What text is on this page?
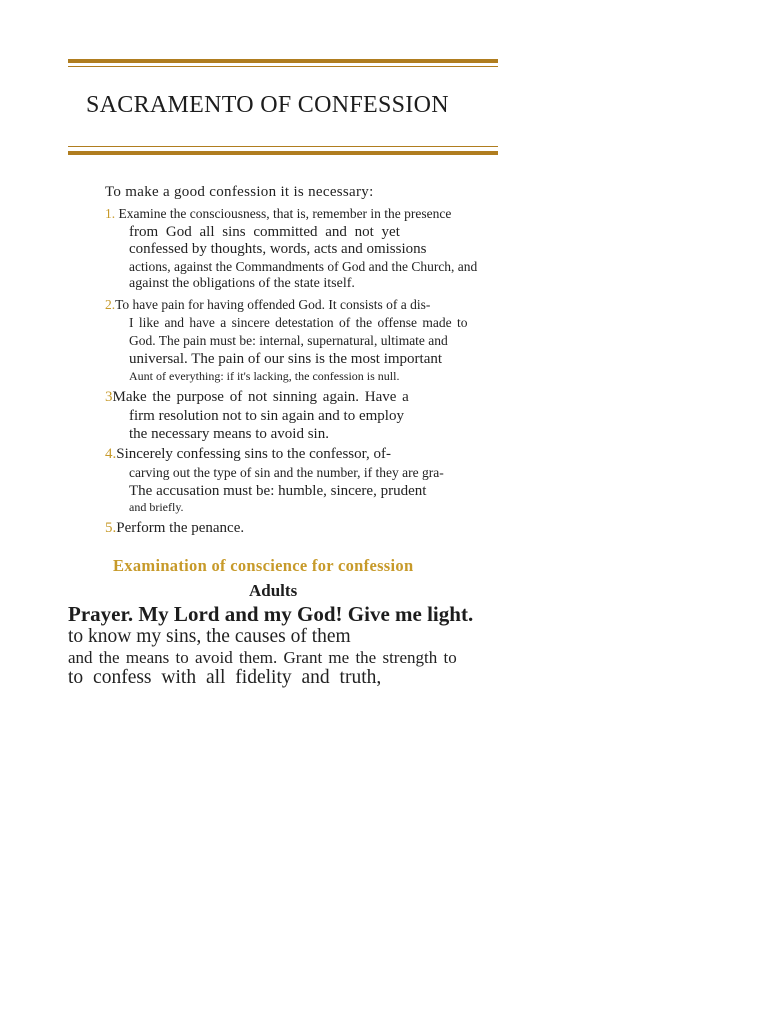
SACRAMENTO OF CONFESSION
To make a good confession it is necessary:
1. Examine the consciousness, that is, remember in the presence
from God all sins committed and not yet
confessed by thoughts, words, acts and omissions
actions, against the Commandments of God and the Church, and
against the obligations of the state itself.
2.To have pain for having offended God. It consists of a dis-
I like and have a sincere detestation of the offense made to
God. The pain must be: internal, supernatural, ultimate and
universal. The pain of our sins is the most important
Aunt of everything: if it's lacking, the confession is null.
3Make the purpose of not sinning again. Have a
firm resolution not to sin again and to employ
the necessary means to avoid sin.
4.Sincerely confessing sins to the confessor, of-
carving out the type of sin and the number, if they are gra-
The accusation must be: humble, sincere, prudent
and briefly.
5.Perform the penance.
Examination of conscience for confession
Adults
Prayer. My Lord and my God! Give me light.
to know my sins, the causes of them
and the means to avoid them. Grant me the strength to
to confess with all fidelity and truth,
